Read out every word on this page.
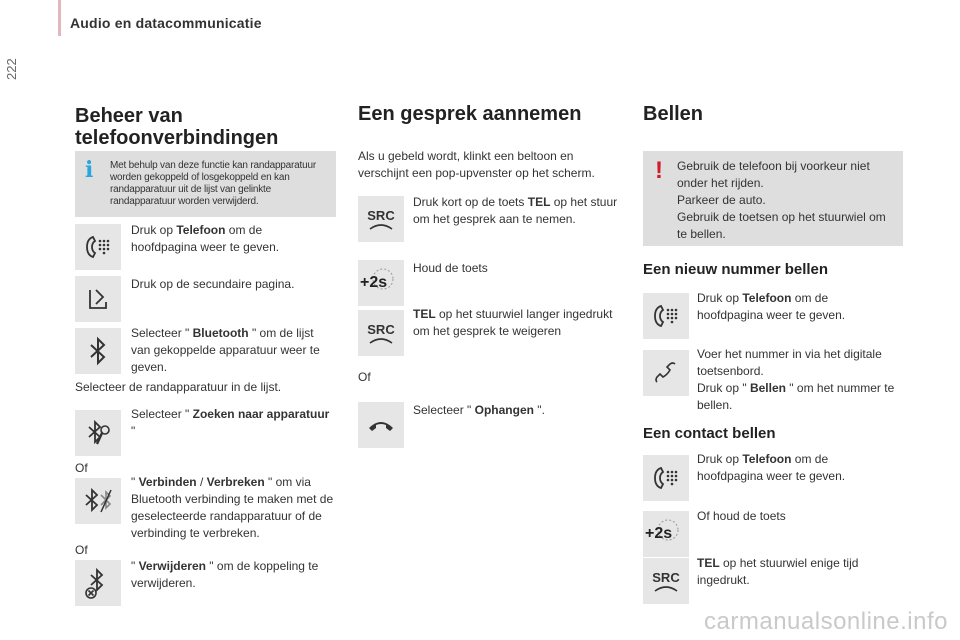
Audio en datacommunicatie
222
Beheer van
telefoonverbindingen
i Met behulp van deze functie kan randapparatuur worden gekoppeld of losgekoppeld en kan randapparatuur uit de lijst van gelinkte randapparatuur worden verwijderd.
Druk op Telefoon om de hoofdpagina weer te geven.
Druk op de secundaire pagina.
Selecteer " Bluetooth " om de lijst van gekoppelde apparatuur weer te geven.
Selecteer de randapparatuur in de lijst.
Selecteer " Zoeken naar apparatuur "
Of
" Verbinden / Verbreken " om via Bluetooth verbinding te maken met de geselecteerde randapparatuur of de verbinding te verbreken.
Of
" Verwijderen " om de koppeling te verwijderen.
Een gesprek aannemen
Als u gebeld wordt, klinkt een beltoon en verschijnt een pop-upvenster op het scherm.
SRC
Druk kort op de toets TEL op het stuur om het gesprek aan te nemen.
+2s
Houd de toets
SRC
TEL op het stuurwiel langer ingedrukt om het gesprek te weigeren
Of
Selecteer " Ophangen ".
Bellen
! Gebruik de telefoon bij voorkeur niet onder het rijden.
Parkeer de auto.
Gebruik de toetsen op het stuurwiel om te bellen.
Een nieuw nummer bellen
Druk op Telefoon om de hoofdpagina weer te geven.
Voer het nummer in via het digitale toetsenbord.
Druk op " Bellen " om het nummer te bellen.
Een contact bellen
Druk op Telefoon om de hoofdpagina weer te geven.
+2s
Of houd de toets
SRC
TEL op het stuurwiel enige tijd ingedrukt.
carmanualsonline.info
